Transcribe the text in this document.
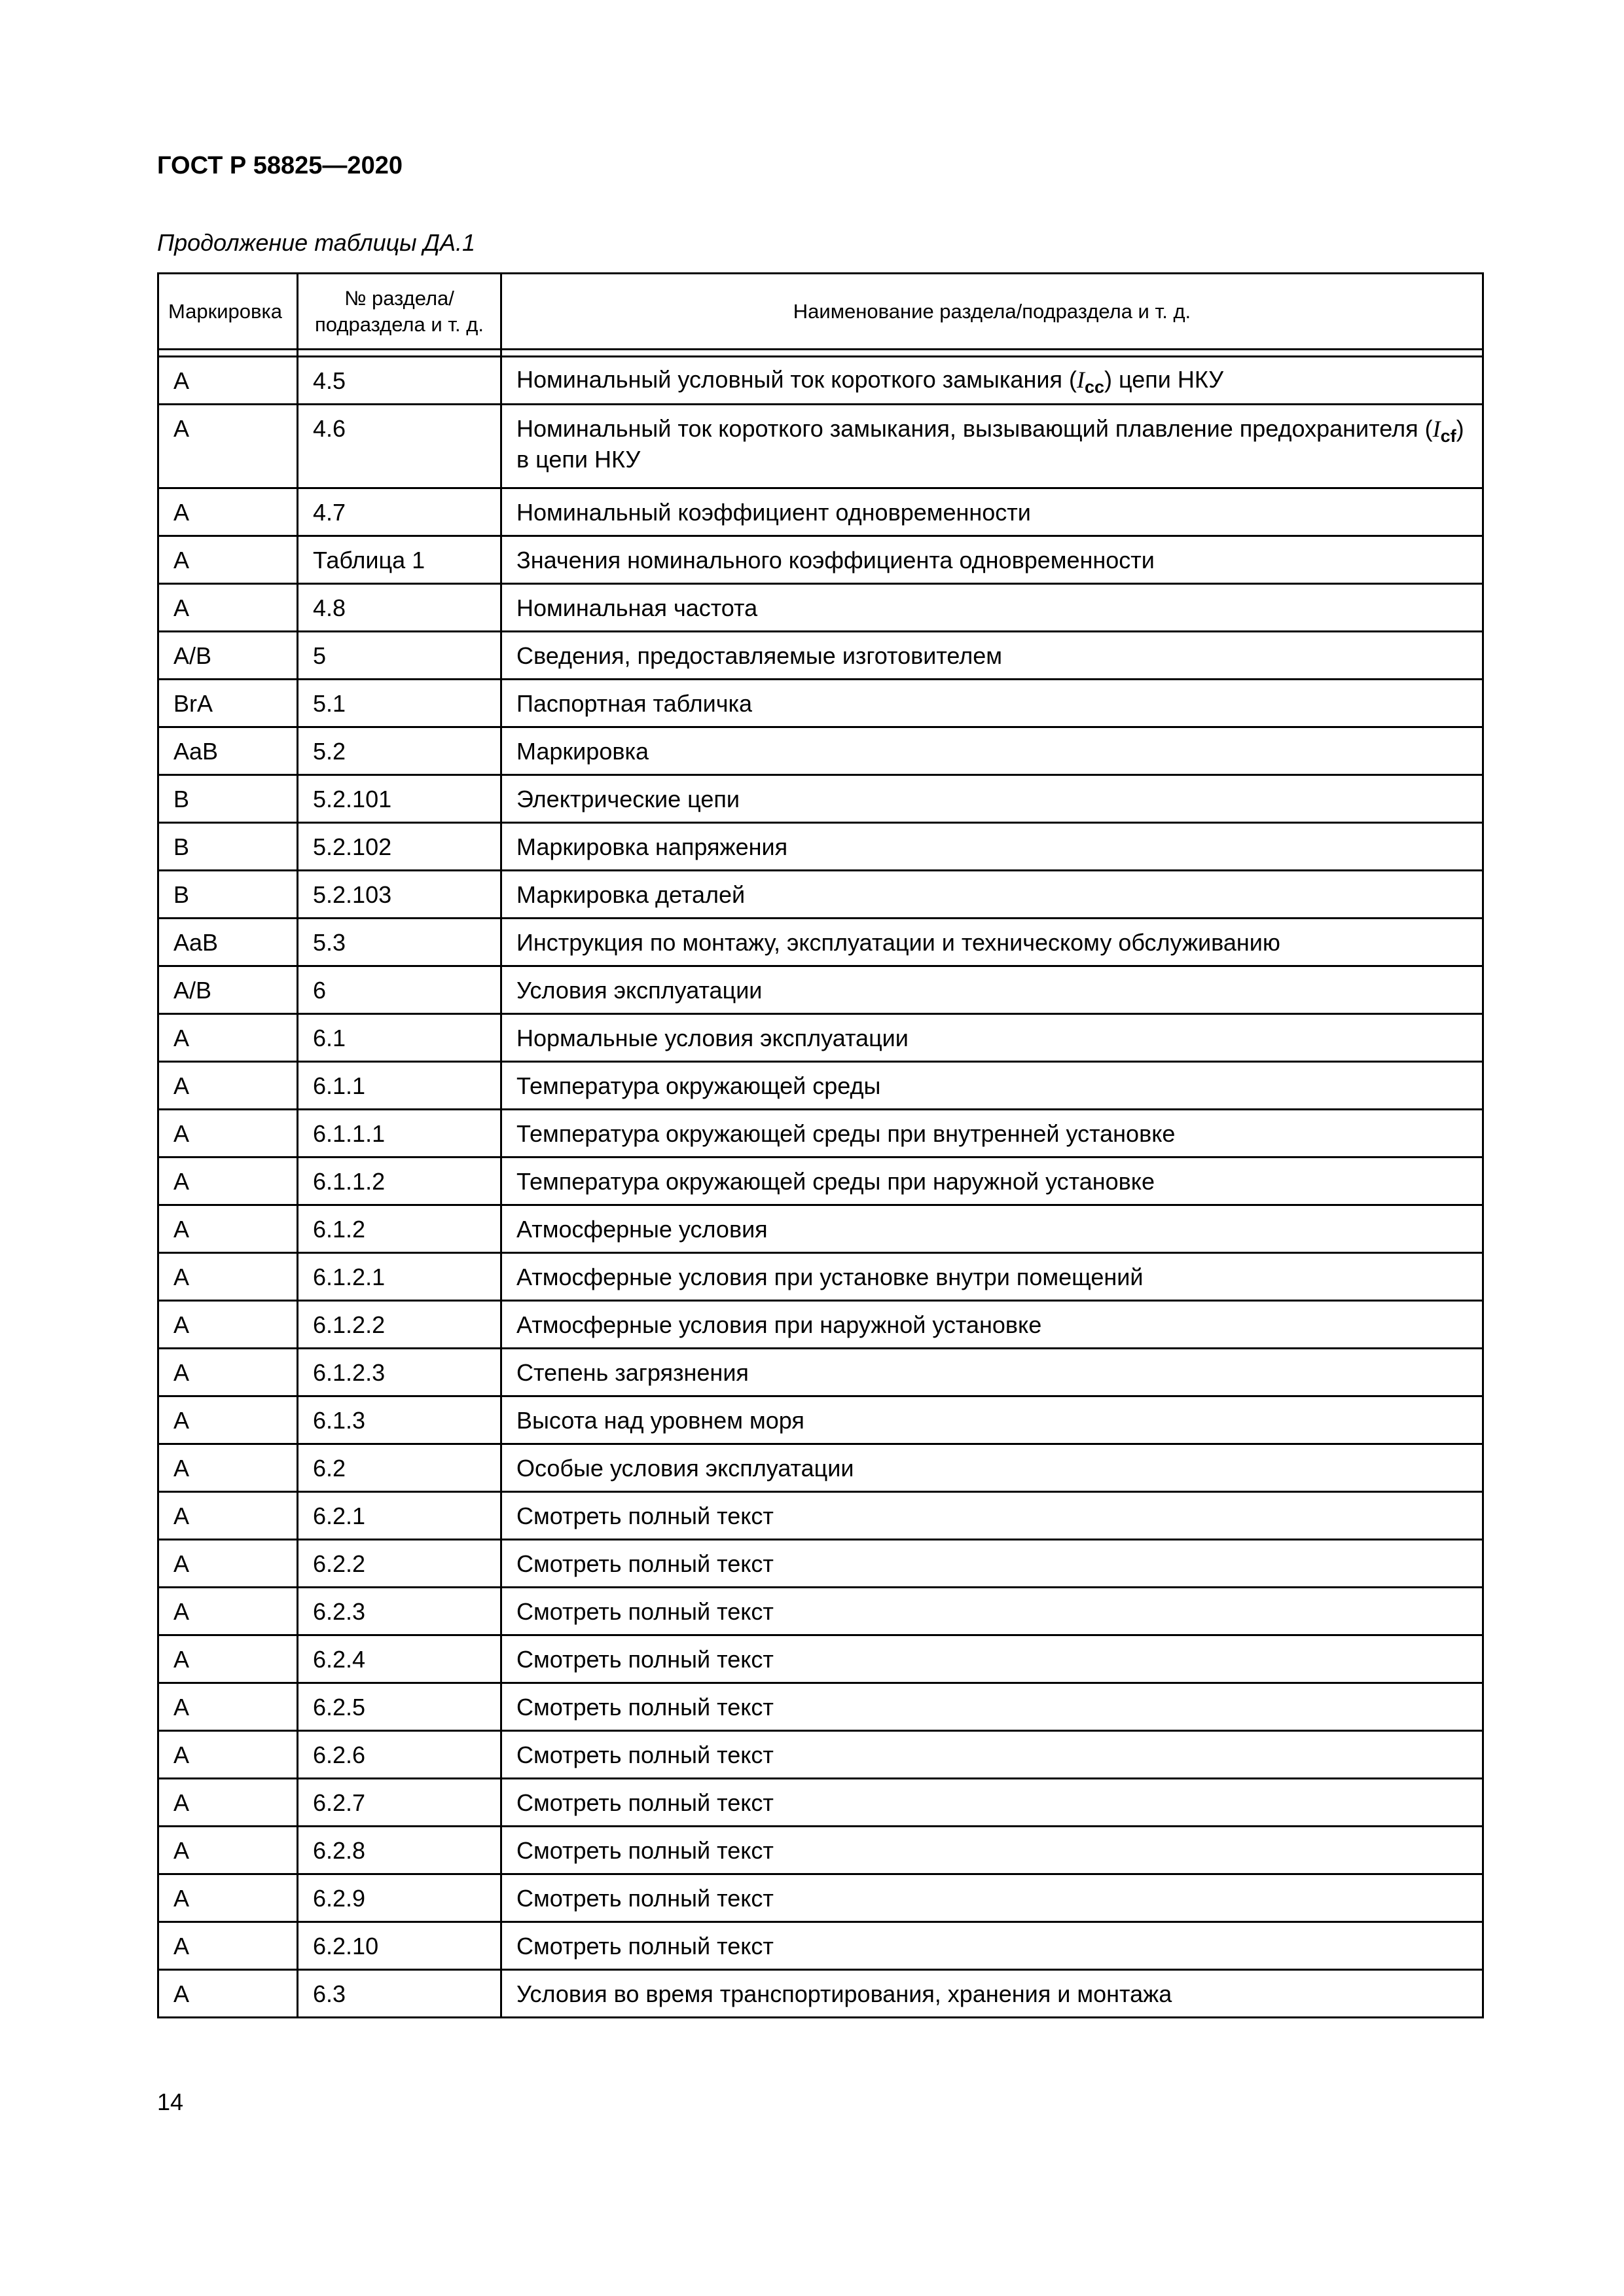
ГОСТ Р 58825—2020
Продолжение таблицы ДА.1
Маркировка	№ раздела/ подраздела и т. д.	Наименование раздела/подраздела и т. д.

A	4.5	Номинальный условный ток короткого замыкания $(I_{cc})$ цепи НКУ
A	4.6	Номинальный ток короткого замыкания, вызывающий плавление предохранителя $(I_{cf})$ в цепи НКУ
A	4.7	Номинальный коэффициент одновременности
A	Таблица 1	Значения номинального коэффициента одновременности
A	4.8	Номинальная частота
A/B	5	Сведения, предоставляемые изготовителем
BrA	5.1	Паспортная табличка
AaB	5.2	Маркировка
B	5.2.101	Электрические цепи
B	5.2.102	Маркировка напряжения
B	5.2.103	Маркировка деталей
AaB	5.3	Инструкция по монтажу, эксплуатации и техническому обслуживанию
A/B	6	Условия эксплуатации
A	6.1	Нормальные условия эксплуатации
A	6.1.1	Температура окружающей среды
A	6.1.1.1	Температура окружающей среды при внутренней установке
A	6.1.1.2	Температура окружающей среды при наружной установке
A	6.1.2	Атмосферные условия
A	6.1.2.1	Атмосферные условия при установке внутри помещений
A	6.1.2.2	Атмосферные условия при наружной установке
A	6.1.2.3	Степень загрязнения
A	6.1.3	Высота над уровнем моря
A	6.2	Особые условия эксплуатации
A	6.2.1	Смотреть полный текст
A	6.2.2	Смотреть полный текст
A	6.2.3	Смотреть полный текст
A	6.2.4	Смотреть полный текст
A	6.2.5	Смотреть полный текст
A	6.2.6	Смотреть полный текст
A	6.2.7	Смотреть полный текст
A	6.2.8	Смотреть полный текст
A	6.2.9	Смотреть полный текст
A	6.2.10	Смотреть полный текст
A	6.3	Условия во время транспортирования, хранения и монтажа
14
